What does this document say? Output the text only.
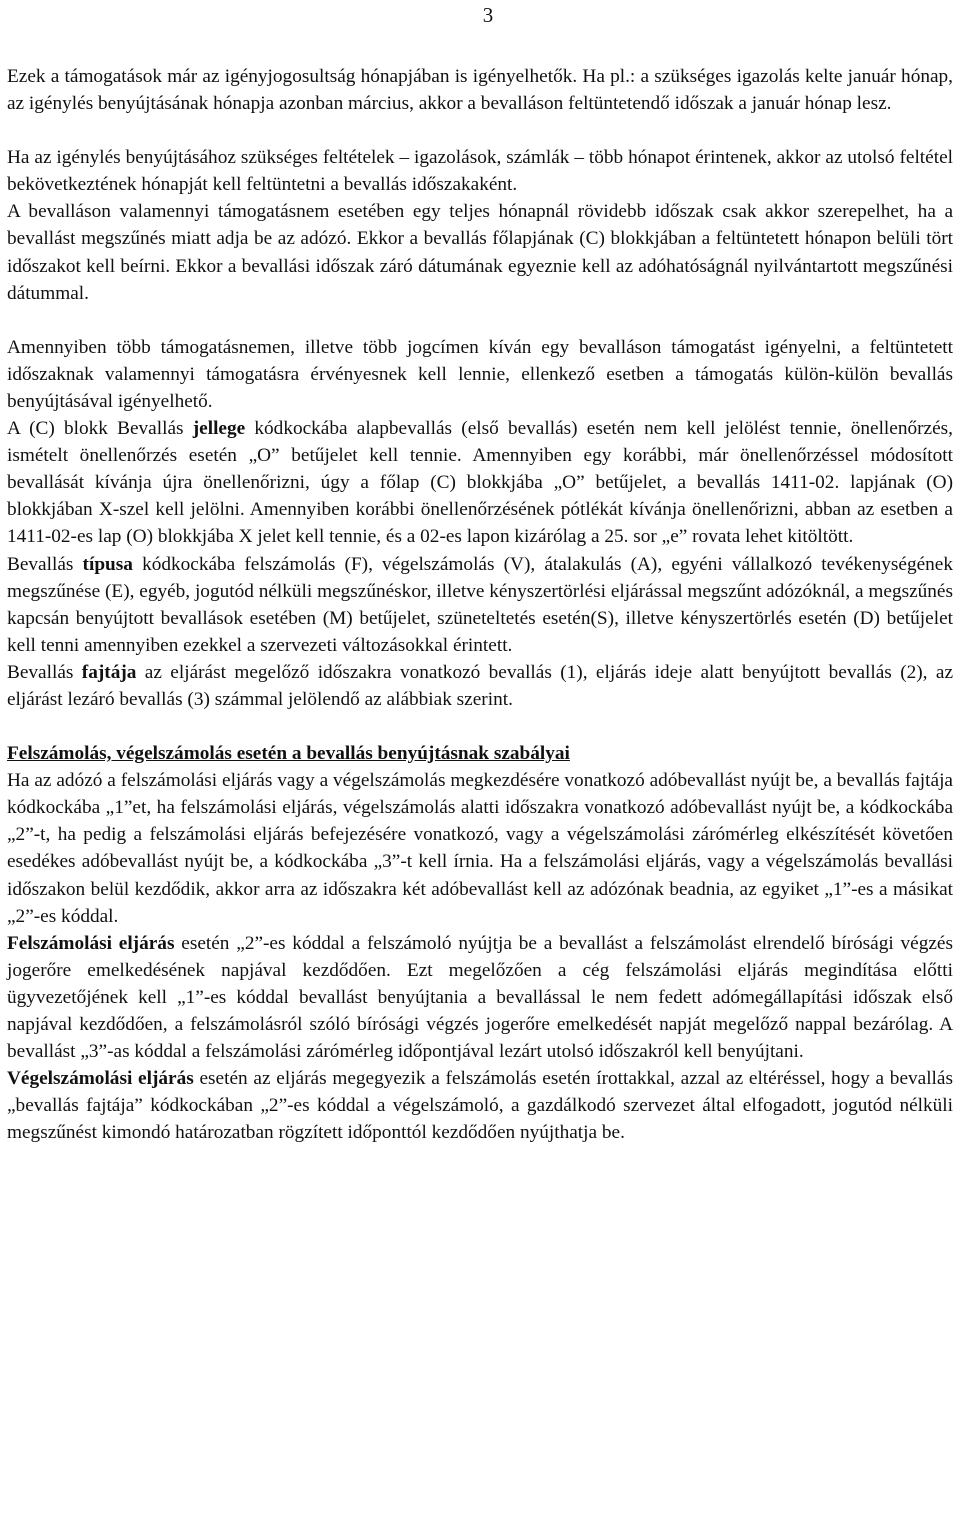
3

Ezek a támogatások már az igényjogosultság hónapjában is igényelhetők. Ha pl.: a szükséges igazolás kelte január hónap, az igénylés benyújtásának hónapja azonban március, akkor a bevalláson feltüntetendő időszak a január hónap lesz.

Ha az igénylés benyújtásához szükséges feltételek – igazolások, számlák – több hónapot érintenek, akkor az utolsó feltétel bekövetkeztének hónapját kell feltüntetni a bevallás időszakaként.

A bevalláson valamennyi támogatásnem esetében egy teljes hónapnál rövidebb időszak csak akkor szerepelhet, ha a bevallást megszűnés miatt adja be az adózó. Ekkor a bevallás főlapjának (C) blokkjában a feltüntetett hónapon belüli tört időszakot kell beírni. Ekkor a bevallási időszak záró dátumának egyeznie kell az adóhatóságnál nyilvántartott megszűnési dátummal.

Amennyiben több támogatásnemen, illetve több jogcímen kíván egy bevalláson támogatást igényelni, a feltüntetett időszaknak valamennyi támogatásra érvényesnek kell lennie, ellenkező esetben a támogatás külön-külön bevallás benyújtásával igényelhető.

A (C) blokk Bevallás jellege kódkockába alapbevallás (első bevallás) esetén nem kell jelölést tennie, önellenőrzés, ismételt önellenőrzés esetén „O” betűjelet kell tennie. Amennyiben egy korábbi, már önellenőrzéssel módosított bevallását kívánja újra önellenőrizni, úgy a főlap (C) blokkjába „O” betűjelet, a bevallás 1411-02. lapjának (O) blokkjában X-szel kell jelölni. Amennyiben korábbi önellenőrzésének pótlékát kívánja önellenőrizni, abban az esetben a 1411-02-es lap (O) blokkjába X jelet kell tennie, és a 02-es lapon kizárólag a 25. sor „e” rovata lehet kitöltött.

Bevallás típusa kódkockába felszámolás (F), végelszámolás (V), átalakulás (A), egyéni vállalkozó tevékenységének megszűnése (E), egyéb, jogutód nélküli megszűnéskor, illetve kényszertörlési eljárással megszűnt adózóknál, a megszűnés kapcsán benyújtott bevallások esetében (M) betűjelet, szüneteltetés esetén(S), illetve kényszertörlés esetén (D) betűjelet kell tenni amennyiben ezekkel a szervezeti változásokkal érintett.

Bevallás fajtája az eljárást megelőző időszakra vonatkozó bevallás (1), eljárás ideje alatt benyújtott bevallás (2), az eljárást lezáró bevallás (3) számmal jelölendő az alábbiak szerint.

Felszámolás, végelszámolás esetén a bevallás benyújtásnak szabályai

Ha az adózó a felszámolási eljárás vagy a végelszámolás megkezdésére vonatkozó adóbevallást nyújt be, a bevallás fajtája kódkockába „1”et, ha felszámolási eljárás, végelszámolás alatti időszakra vonatkozó adóbevallást nyújt be, a kódkockába „2”-t, ha pedig a felszámolási eljárás befejezésére vonatkozó, vagy a végelszámolási zárómérleg elkészítését követően esedékes adóbevallást nyújt be, a kódkockába „3”-t kell írnia. Ha a felszámolási eljárás, vagy a végelszámolás bevallási időszakon belül kezdődik, akkor arra az időszakra két adóbevallást kell az adózónak beadnia, az egyiket „1”-es a másikat „2”-es kóddal.

Felszámolási eljárás esetén „2”-es kóddal a felszámoló nyújtja be a bevallást a felszámolást elrendelő bírósági végzés jogerőre emelkedésének napjával kezdődően. Ezt megelőzően a cég felszámolási eljárás megindítása előtti ügyvezetőjének kell „1”-es kóddal bevallást benyújtania a bevallással le nem fedett adómegállapítási időszak első napjával kezdődően, a felszámolásról szóló bírósági végzés jogerőre emelkedését napját megelőző nappal bezárólag. A bevallást „3”-as kóddal a felszámolási zárómérleg időpontjával lezárt utolsó időszakról kell benyújtani.

Végelszámolási eljárás esetén az eljárás megegyezik a felszámolás esetén írottakkal, azzal az eltéréssel, hogy a bevallás „bevallás fajtája” kódkockában „2”-es kóddal a végelszámoló, a gazdálkodó szervezet által elfogadott, jogutód nélküli megszűnést kimondó határozatban rögzített időponttól kezdődően nyújthatja be.
